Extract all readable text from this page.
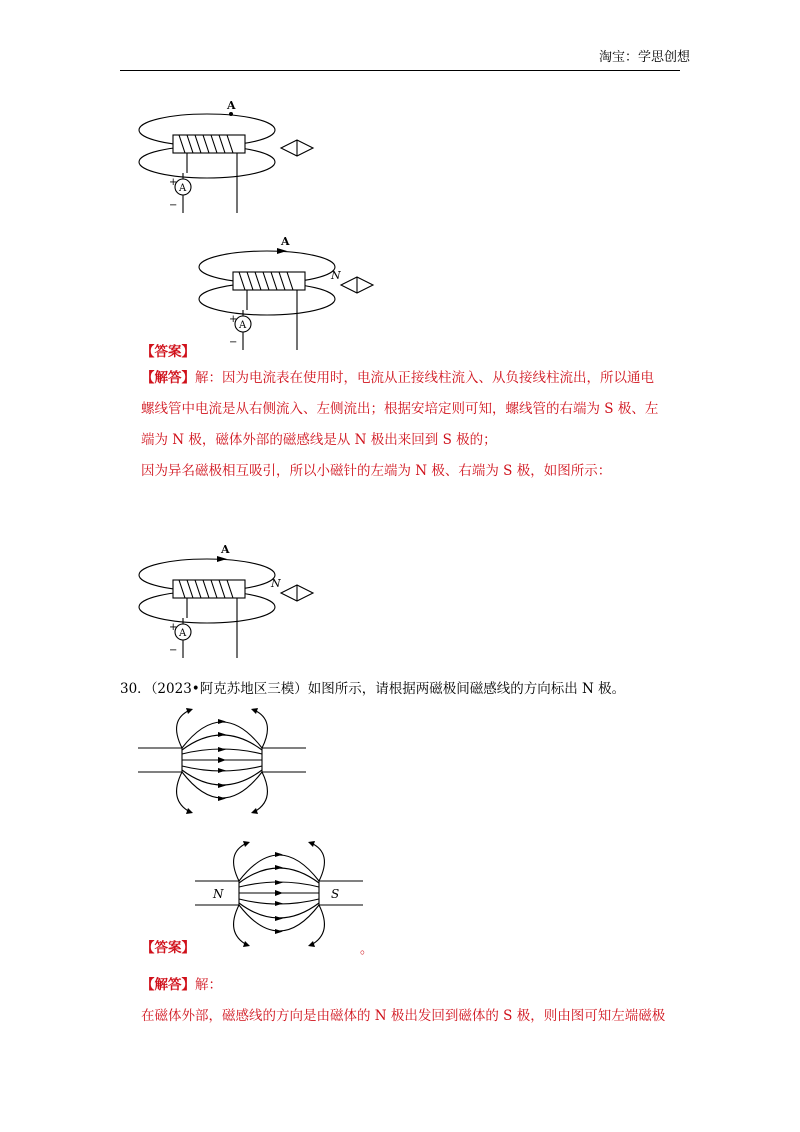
淘宝：学思创想
A
A
+
−
A
N
A
+
−
【答案】
【解答】解：因为电流表在使用时，电流从正接线柱流入、从负接线柱流出，所以通电
螺线管中电流是从右侧流入、左侧流出；根据安培定则可知，螺线管的右端为 S 极、左
端为 N 极，磁体外部的磁感线是从 N 极出来回到 S 极的；
因为异名磁极相互吸引，所以小磁针的左端为 N 极、右端为 S 极，如图所示：
A
N
A
+
−
30．（2023•阿克苏地区三模）如图所示，请根据两磁极间磁感线的方向标出 N 极。
N	S
【答案】	。
【解答】解：
在磁体外部，磁感线的方向是由磁体的 N 极出发回到磁体的 S 极，则由图可知左端磁极
